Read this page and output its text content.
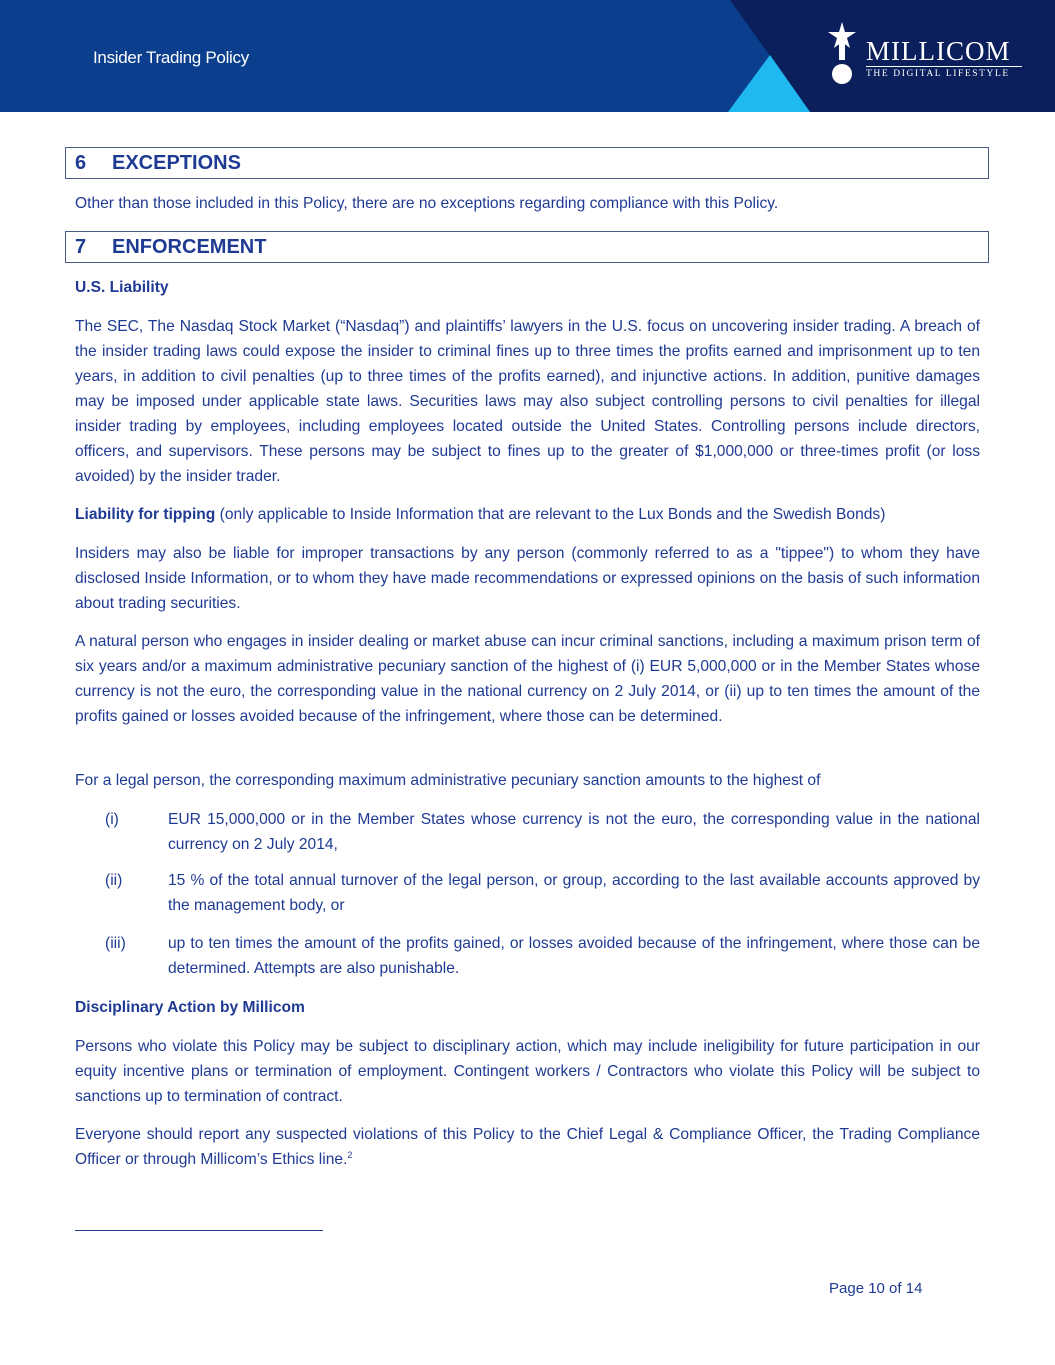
Insider Trading Policy	MILLICOM
THE DIGITAL LIFESTYLE
6 EXCEPTIONS
Other than those included in this Policy, there are no exceptions regarding compliance with this Policy.
7 ENFORCEMENT
U.S. Liability
The SEC, The Nasdaq Stock Market (“Nasdaq”) and plaintiffs’ lawyers in the U.S. focus on uncovering insider trading. A breach of the insider trading laws could expose the insider to criminal fines up to three times the profits earned and imprisonment up to ten years, in addition to civil penalties (up to three times of the profits earned), and injunctive actions. In addition, punitive damages may be imposed under applicable state laws. Securities laws may also subject controlling persons to civil penalties for illegal insider trading by employees, including employees located outside the United States. Controlling persons include directors, officers, and supervisors. These persons may be subject to fines up to the greater of $1,000,000 or three-times profit (or loss avoided) by the insider trader.
Liability for tipping (only applicable to Inside Information that are relevant to the Lux Bonds and the Swedish Bonds)
Insiders may also be liable for improper transactions by any person (commonly referred to as a "tippee") to whom they have disclosed Inside Information, or to whom they have made recommendations or expressed opinions on the basis of such information about trading securities.
A natural person who engages in insider dealing or market abuse can incur criminal sanctions, including a maximum prison term of six years and/or a maximum administrative pecuniary sanction of the highest of (i) EUR 5,000,000 or in the Member States whose currency is not the euro, the corresponding value in the national currency on 2 July 2014, or (ii) up to ten times the amount of the profits gained or losses avoided because of the infringement, where those can be determined.
For a legal person, the corresponding maximum administrative pecuniary sanction amounts to the highest of
(i)	EUR 15,000,000 or in the Member States whose currency is not the euro, the corresponding value in the national currency on 2 July 2014,
(ii)	15 % of the total annual turnover of the legal person, or group, according to the last available accounts approved by the management body, or
(iii)	up to ten times the amount of the profits gained, or losses avoided because of the infringement, where those can be determined. Attempts are also punishable.
Disciplinary Action by Millicom
Persons who violate this Policy may be subject to disciplinary action, which may include ineligibility for future participation in our equity incentive plans or termination of employment. Contingent workers / Contractors who violate this Policy will be subject to sanctions up to termination of contract.
Everyone should report any suspected violations of this Policy to the Chief Legal & Compliance Officer, the Trading Compliance Officer or through Millicom’s Ethics line.$^2$
Page 10 of 14
